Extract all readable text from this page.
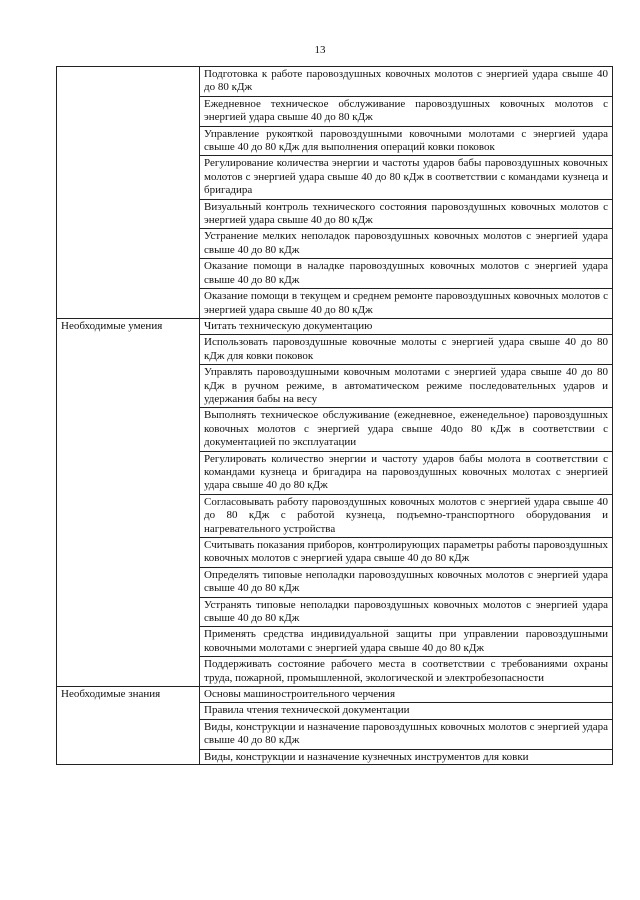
13
	Подготовка к работе паровоздушных ковочных молотов с энергией удара свыше 40 до 80 кДж
	Ежедневное техническое обслуживание паровоздушных ковочных молотов с энергией удара свыше 40 до 80 кДж
	Управление рукояткой паровоздушными ковочными молотами с энергией удара свыше 40 до 80 кДж для выполнения операций ковки поковок
	Регулирование количества энергии и частоты ударов бабы паровоздушных ковочных молотов с энергией удара свыше 40 до 80 кДж в соответствии с командами кузнеца и бригадира
	Визуальный контроль технического состояния паровоздушных ковочных молотов с энергией удара свыше 40 до 80 кДж
	Устранение мелких неполадок паровоздушных ковочных молотов с энергией удара свыше 40 до 80 кДж
	Оказание помощи в наладке паровоздушных ковочных молотов с энергией удара свыше 40 до 80 кДж
	Оказание помощи в текущем и среднем ремонте паровоздушных ковочных молотов с энергией удара свыше 40 до 80 кДж
Необходимые умения	Читать техническую документацию
	Использовать паровоздушные ковочные молоты с энергией удара свыше 40 до 80 кДж для ковки поковок
	Управлять паровоздушными ковочным молотами с энергией удара свыше 40 до 80 кДж в ручном режиме, в автоматическом режиме последовательных ударов и удержания бабы на весу
	Выполнять техническое обслуживание (ежедневное, еженедельное) паровоздушных ковочных молотов с энергией удара свыше 40до 80 кДж в соответствии с документацией по эксплуатации
	Регулировать количество энергии и частоту ударов бабы молота в соответствии с командами кузнеца и бригадира на паровоздушных ковочных молотах с энергией удара свыше 40 до 80 кДж
	Согласовывать работу паровоздушных ковочных молотов с энергией удара свыше 40 до 80 кДж с работой кузнеца, подъемно-транспортного оборудования и нагревательного устройства
	Считывать показания приборов, контролирующих параметры работы паровоздушных ковочных молотов с энергией удара свыше 40 до 80 кДж
	Определять типовые неполадки паровоздушных ковочных молотов с энергией удара свыше 40 до 80 кДж
	Устранять типовые неполадки паровоздушных ковочных молотов с энергией удара свыше 40 до 80 кДж
	Применять средства индивидуальной защиты при управлении паровоздушными ковочными молотами с энергией удара свыше 40 до 80 кДж
	Поддерживать состояние рабочего места в соответствии с требованиями охраны труда, пожарной, промышленной, экологической и электробезопасности
Необходимые знания	Основы машиностроительного черчения
	Правила чтения технической документации
	Виды, конструкции и назначение паровоздушных ковочных молотов с энергией удара свыше 40 до 80 кДж
	Виды, конструкции и назначение кузнечных инструментов для ковки
